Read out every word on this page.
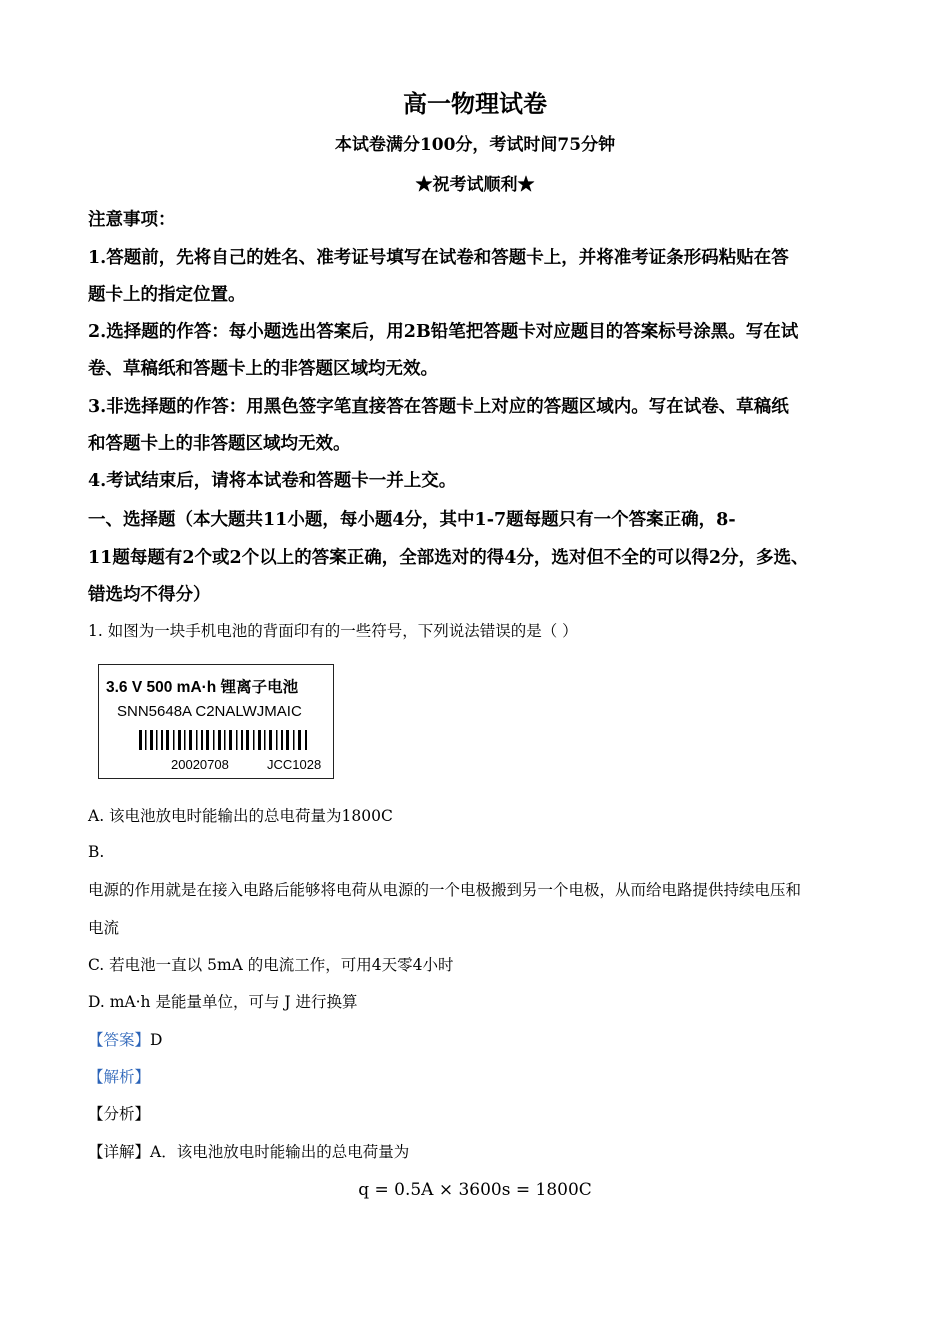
高一物理试卷
本试卷满分100分，考试时间75分钟
★祝考试顺利★
注意事项：
1.答题前，先将自己的姓名、准考证号填写在试卷和答题卡上，并将准考证条形码粘贴在答
题卡上的指定位置。
2.选择题的作答：每小题选出答案后，用2B铅笔把答题卡对应题目的答案标号涂黑。写在试
卷、草稿纸和答题卡上的非答题区域均无效。
3.非选择题的作答：用黑色签字笔直接答在答题卡上对应的答题区域内。写在试卷、草稿纸
和答题卡上的非答题区域均无效。
4.考试结束后，请将本试卷和答题卡一并上交。
一、选择题（本大题共11小题，每小题4分，其中1-7题每题只有一个答案正确，8-
11题每题有2个或2个以上的答案正确，全部选对的得4分，选对但不全的可以得2分，多选、
错选均不得分）
1. 如图为一块手机电池的背面印有的一些符号，下列说法错误的是（ ）
3.6 V 500 mA·h 锂离子电池
SNN5648A C2NALWJMAIC
20020708	JCC1028
A. 该电池放电时能输出的总电荷量为1800C
B.
电源的作用就是在接入电路后能够将电荷从电源的一个电极搬到另一个电极，从而给电路提供持续电压和
电流
C. 若电池一直以 5mA 的电流工作，可用4天零4小时
D. mA·h 是能量单位，可与 J 进行换算
【答案】D
【解析】
【分析】
【详解】A．该电池放电时能输出的总电荷量为
q = 0.5A × 3600s = 1800C
